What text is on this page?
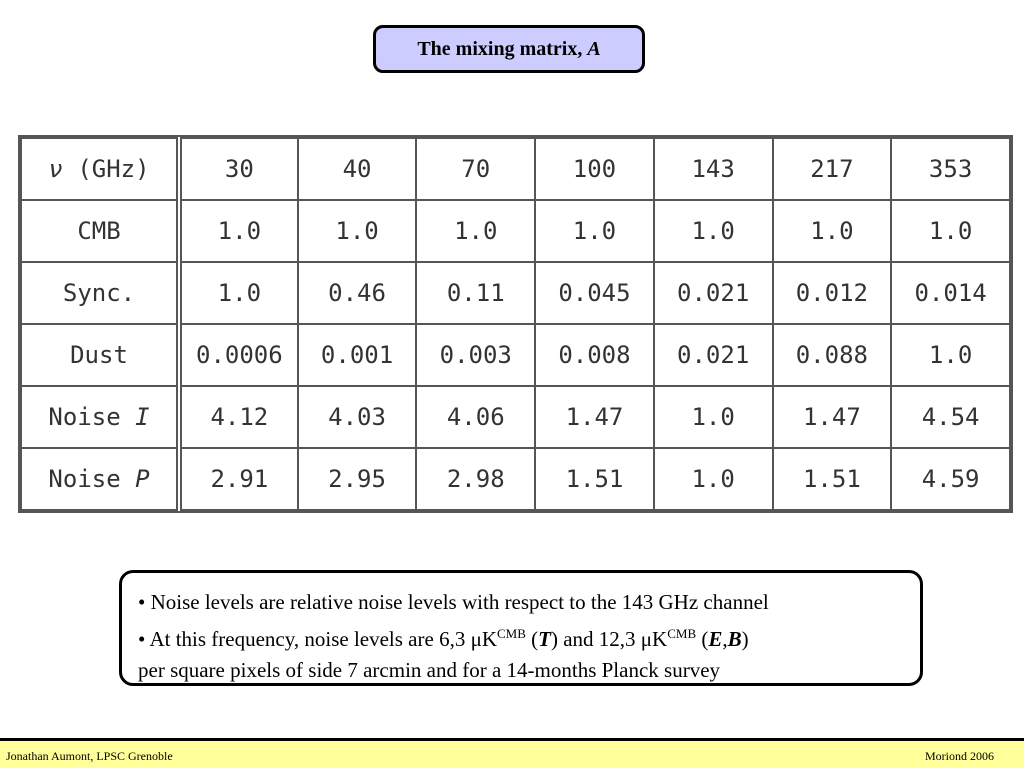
The mixing matrix, A
ν (GHz)	30	40	70	100	143	217	353
CMB	1.0	1.0	1.0	1.0	1.0	1.0	1.0
Sync.	1.0	0.46	0.11	0.045	0.021	0.012	0.014
Dust	0.0006	0.001	0.003	0.008	0.021	0.088	1.0
Noise I	4.12	4.03	4.06	1.47	1.0	1.47	4.54
Noise P	2.91	2.95	2.98	1.51	1.0	1.51	4.59

• Noise levels are relative noise levels with respect to the 143 GHz channel

• At this frequency, noise levels are 6,3 $\mu K^{CMB}$ (T) and 12,3 $\mu K^{CMB}$ (E,B)

per square pixels of side 7 arcmin and for a 14-months Planck survey

Jonathan Aumont, LPSC Grenoble	Moriond 2006
